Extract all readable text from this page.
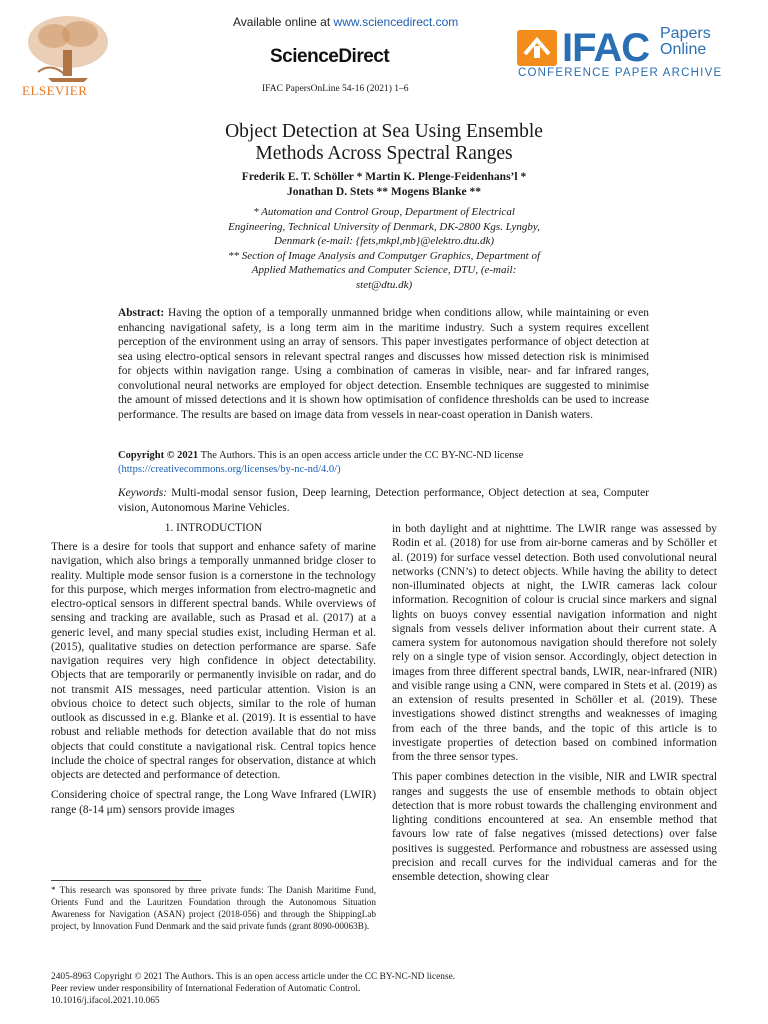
Available online at www.sciencedirect.com
ScienceDirect
IFAC PapersOnLine 54-16 (2021) 1–6
ELSEVIER
IFAC Papers
Online
CONFERENCE PAPER ARCHIVE
Object Detection at Sea Using Ensemble
Methods Across Spectral Ranges
Frederik E. T. Schöller * Martin K. Plenge-Feidenhans’l *
Jonathan D. Stets ** Mogens Blanke **
* Automation and Control Group, Department of Electrical
Engineering, Technical University of Denmark, DK-2800 Kgs. Lyngby,
Denmark (e-mail: {fets,mkpl,mb}@elektro.dtu.dk)
** Section of Image Analysis and Computger Graphics, Department of
Applied Mathematics and Computer Science, DTU, (e-mail:
stet@dtu.dk)
Abstract: Having the option of a temporally unmanned bridge when conditions allow, while maintaining or even enhancing navigational safety, is a long term aim in the maritime industry. Such a system requires excellent perception of the environment using an array of sensors. This paper investigates performance of object detection at sea using electro-optical sensors in relevant spectral ranges and discusses how missed detection risk is minimised for objects within navigation range. Using a combination of cameras in visible, near- and far infrared ranges, convolutional neural networks are employed for object detection. Ensemble techniques are suggested to minimise the amount of missed detections and it is shown how optimisation of confidence thresholds can be used to increase performance. The results are based on image data from vessels in near-coast operation in Danish waters.
Copyright © 2021 The Authors. This is an open access article under the CC BY-NC-ND license
(https://creativecommons.org/licenses/by-nc-nd/4.0/)
Keywords: Multi-modal sensor fusion, Deep learning, Detection performance, Object detection at sea, Computer vision, Autonomous Marine Vehicles.
1. INTRODUCTION

There is a desire for tools that support and enhance safety of marine navigation, which also brings a temporally unmanned bridge closer to reality. Multiple mode sensor fusion is a cornerstone in the technology for this purpose, which merges information from electro-magnetic and electro-optical sensors in different spectral bands. While overviews of sensing and tracking are available, such as Prasad et al. (2017) at a generic level, and many special studies exist, including Herman et al. (2015), qualitative studies on detection performance are sparse. Safe navigation requires very high confidence in object detectability. Objects that are temporarily or permanently invisible on radar, and do not transmit AIS messages, need particular attention. Vision is an obvious choice to detect such objects, similar to the role of human outlook as discussed in e.g. Blanke et al. (2019). It is essential to have robust and reliable methods for detection available that do not miss objects that could constitute a navigational risk. Central topics hence include the choice of spectral ranges for observation, distance at which objects are detected and performance of detection.

Considering choice of spectral range, the Long Wave Infrared (LWIR) range (8-14 μm) sensors provide images

in both daylight and at nighttime. The LWIR range was assessed by Rodin et al. (2018) for use from air-borne cameras and by Schöller et al. (2019) for surface vessel detection. Both used convolutional neural networks (CNN’s) to detect objects. While having the ability to detect non-illuminated objects at night, the LWIR cameras lack colour information. Recognition of colour is crucial since markers and signal lights on buoys convey essential navigation information and night signals from vessels deliver information about their current state. A camera system for autonomous navigation should therefore not solely rely on a single type of vision sensor. Accordingly, object detection in images from three different spectral bands, LWIR, near-infrared (NIR) and visible range using a CNN, were compared in Stets et al. (2019) as an extension of results presented in Schöller et al. (2019). These investigations showed distinct strengths and weaknesses of imaging from each of the three bands, and the topic of this article is to investigate properties of detection based on combined information from the three sensor types.

This paper combines detection in the visible, NIR and LWIR spectral ranges and suggests the use of ensemble methods to obtain object detection that is more robust towards the challenging environment and lighting conditions encountered at sea. An ensemble method that favours low rate of false negatives (missed detections) over false positives is suggested. Performance and robustness are assessed using precision and recall curves for the individual cameras and for the ensemble detection, showing clear

* This research was sponsored by three private funds: The Danish Maritime Fund, Orients Fund and the Lauritzen Foundation through the Autonomous Situation Awareness for Navigation (ASAN) project (2018-056) and through the ShippingLab project, by Innovation Fund Denmark and the said private funds (grant 8090-00063B).
2405-8963 Copyright © 2021 The Authors. This is an open access article under the CC BY-NC-ND license.
Peer review under responsibility of International Federation of Automatic Control.
10.1016/j.ifacol.2021.10.065
